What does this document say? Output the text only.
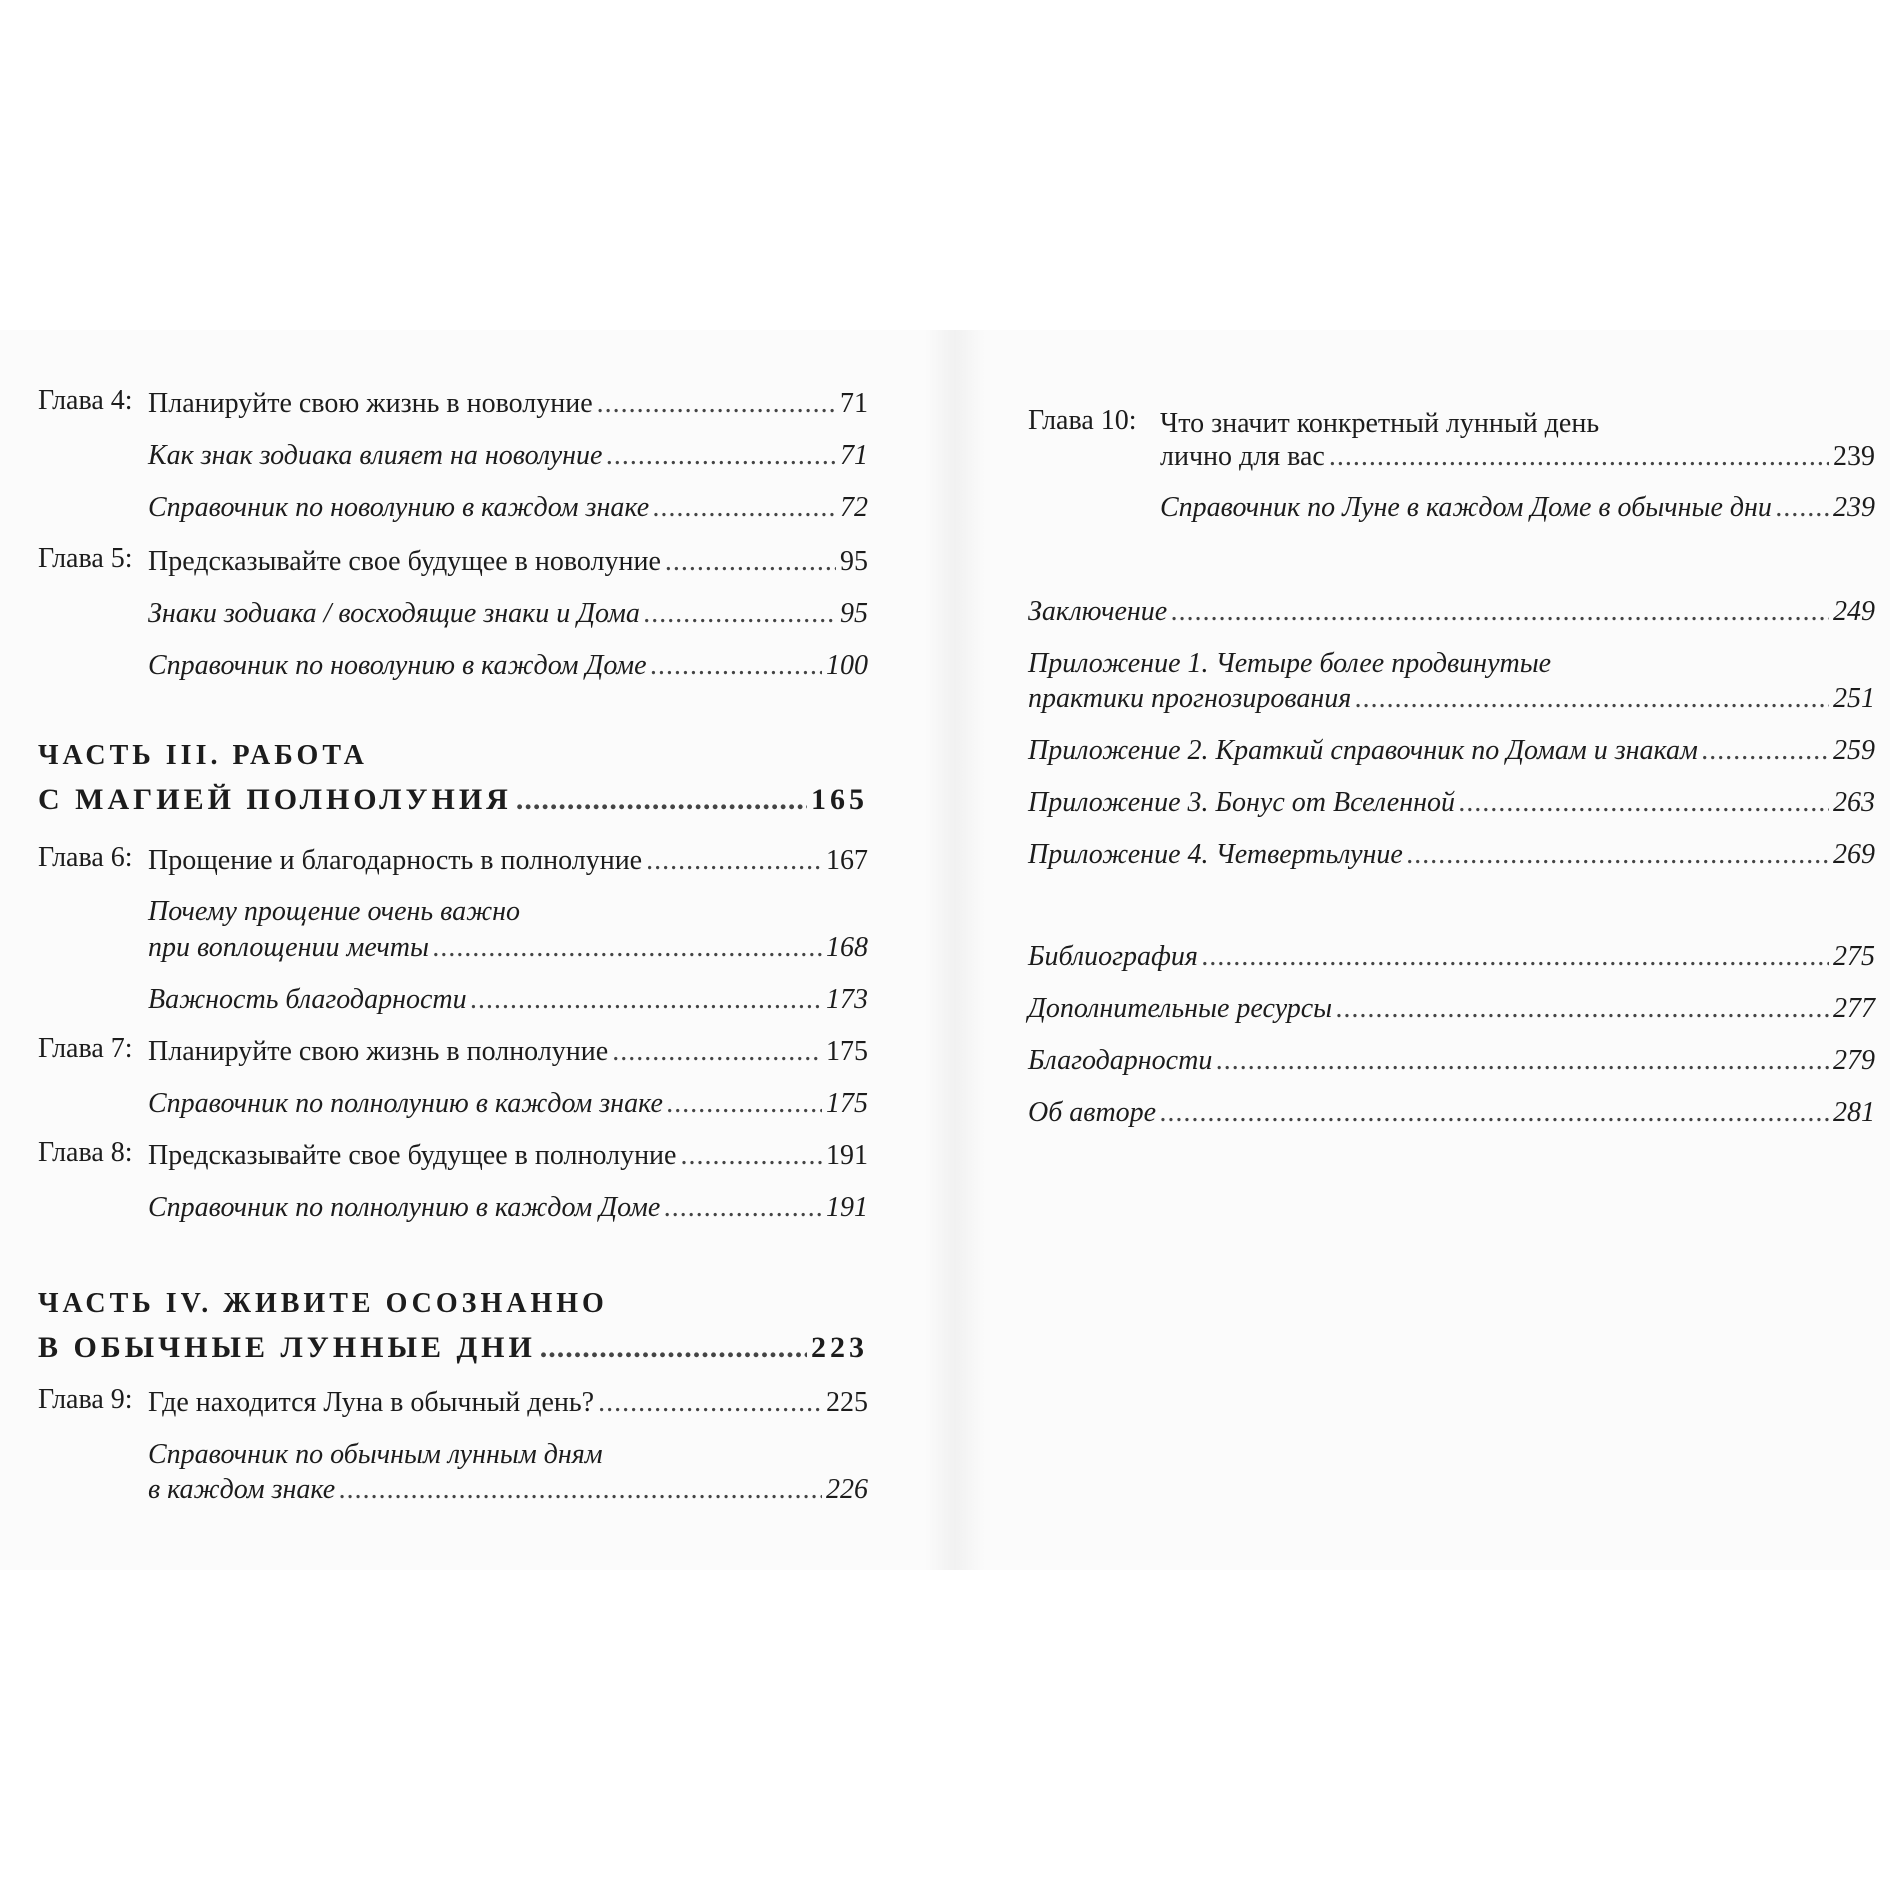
Глава 4: Планируйте свою жизнь в новолуние .....	71
Как знак зодиака влияет на новолуние .....	71
Справочник по новолунию в каждом знаке .....	72
Глава 5: Предсказывайте свое будущее в новолуние .....	95
Знаки зодиака / восходящие знаки и Дома .....	95
Справочник по новолунию в каждом Доме .....	100
ЧАСТЬ III. РАБОТА
С МАГИЕЙ ПОЛНОЛУНИЯ .....	165
Глава 6: Прощение и благодарность в полнолуние .....	167
Почему прощение очень важно
при воплощении мечты .....	168
Важность благодарности .....	173
Глава 7: Планируйте свою жизнь в полнолуние .....	175
Справочник по полнолунию в каждом знаке .....	175
Глава 8: Предсказывайте свое будущее в полнолуние .....	191
Справочник по полнолунию в каждом Доме .....	191
ЧАСТЬ IV. ЖИВИТЕ ОСОЗНАННО
В ОБЫЧНЫЕ ЛУННЫЕ ДНИ .....	223
Глава 9: Где находится Луна в обычный день? .....	225
Справочник по обычным лунным дням
в каждом знаке .....	226
Глава 10: Что значит конкретный лунный день
лично для вас .....	239
Справочник по Луне в каждом Доме в обычные дни ..... 239
Заключение .....	249
Приложение 1. Четыре более продвинутые
практики прогнозирования .....	251
Приложение 2. Краткий справочник по Домам и знакам .....	259
Приложение 3. Бонус от Вселенной .....	263
Приложение 4. Четвертьлуние .....	269
Библиография .....	275
Дополнительные ресурсы .....	277
Благодарности .....	279
Об авторе .....	281
